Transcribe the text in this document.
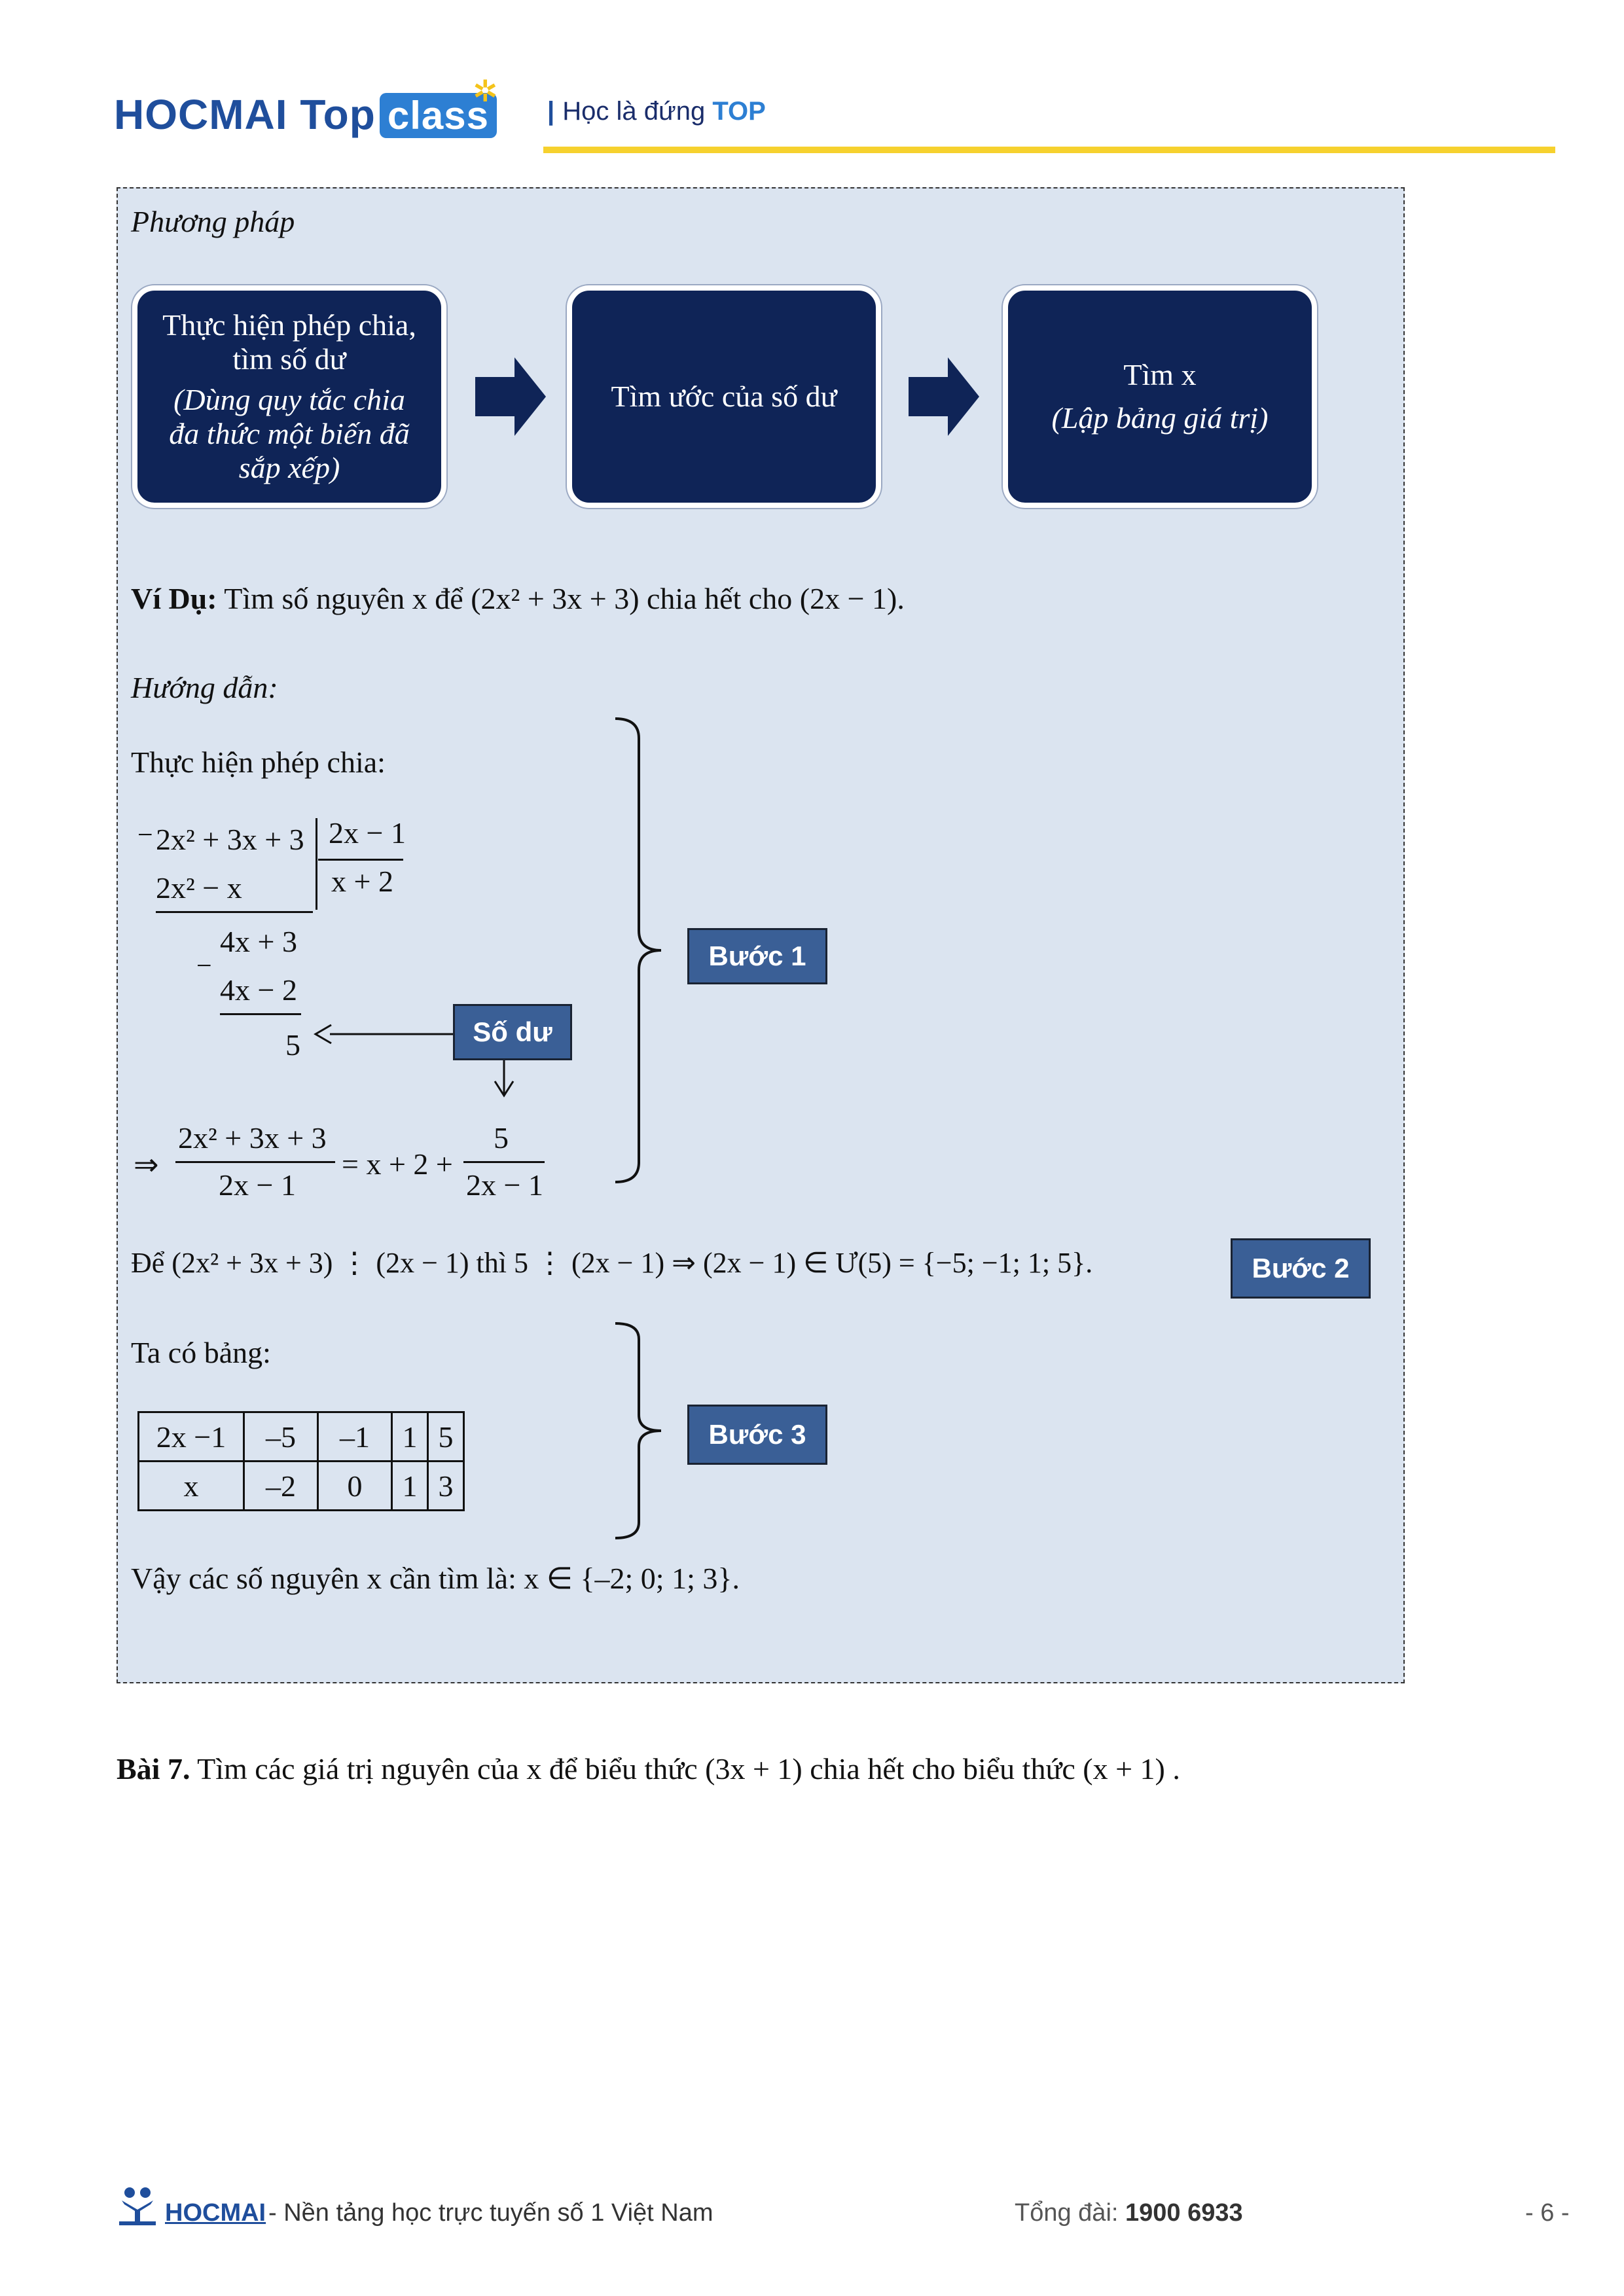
HOCMAI Top class
✲
| Học là đứng TOP
Phương pháp
Thực hiện phép chia,
tìm số dư
(Dùng quy tắc chia
đa thức một biến đã
sắp xếp)
Tìm ước của số dư
Tìm x
(Lập bảng giá trị)
Ví Dụ: Tìm số nguyên x để (2x² + 3x + 3) chia hết cho (2x − 1).
Hướng dẫn:
Thực hiện phép chia:
− 2x² + 3x + 3 2x − 1
2x² − x	x + 2
−
4x + 3
4x − 2
5	Số dư
⇒
2x² + 3x + 3
2x − 1
= x + 2 +
5
2x − 1
Bước 1
Để (2x² + 3x + 3) ⋮ (2x − 1) thì 5 ⋮ (2x − 1) ⇒ (2x − 1) ∈ Ư(5) = {−5; −1; 1; 5}.	Bước 2
Ta có bảng:
2x −1	–5	–1	1	5
x	–2	0	1	3
Bước 3
Vậy các số nguyên x cần tìm là: x ∈ {–2; 0; 1; 3}.
Bài 7. Tìm các giá trị nguyên của x để biểu thức (3x + 1) chia hết cho biểu thức (x + 1) .
HOCMAI - Nền tảng học trực tuyến số 1 Việt Nam	Tổng đài: 1900 6933	- 6 -
